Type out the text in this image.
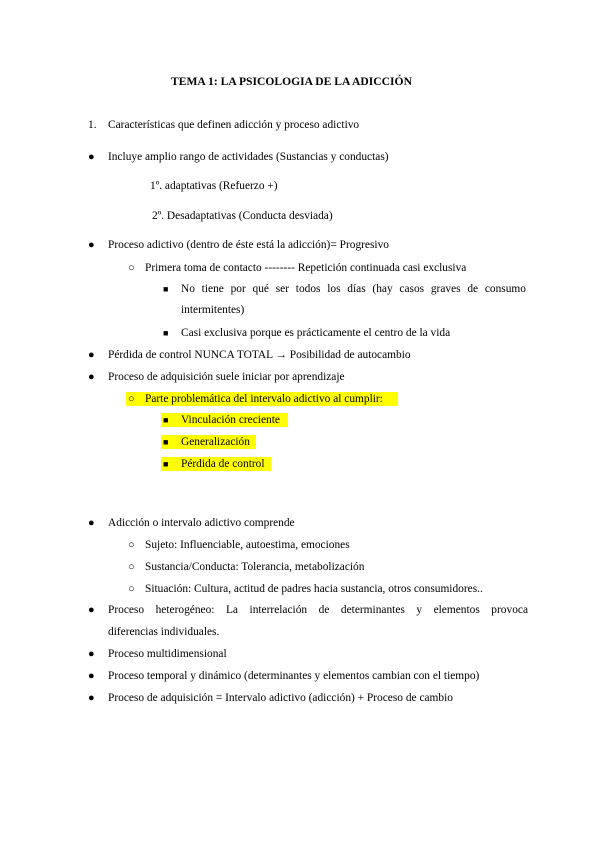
TEMA 1: LA PSICOLOGIA DE LA ADICCIÓN
1. Características que definen adicción y proceso adictivo
● Incluye amplio rango de actividades (Sustancias y conductas)
1º. adaptativas (Refuerzo +)
2º. Desadaptativas (Conducta desviada)
● Proceso adictivo (dentro de éste está la adicción)= Progresivo
○ Primera toma de contacto -------- Repetición continuada casi exclusiva
■ No tiene por qué ser todos los días (hay casos graves de consumo
intermitentes)
■ Casi exclusiva porque es prácticamente el centro de la vida
● Pérdida de control NUNCA TOTAL → Posibilidad de autocambio
● Proceso de adquisición suele iniciar por aprendizaje
○ Parte problemática del intervalo adictivo al cumplir:
■ Vinculación creciente
■ Generalización
■ Pérdida de control
● Adicción o intervalo adictivo comprende
○ Sujeto: Influenciable, autoestima, emociones
○ Sustancia/Conducta: Tolerancia, metabolización
○ Situación: Cultura, actitud de padres hacia sustancia, otros consumidores..
● Proceso heterogéneo: La interrelación de determinantes y elementos provoca
diferencias individuales.
● Proceso multidimensional
● Proceso temporal y dinámico (determinantes y elementos cambian con el tiempo)
● Proceso de adquisición = Intervalo adictivo (adicción) + Proceso de cambio
